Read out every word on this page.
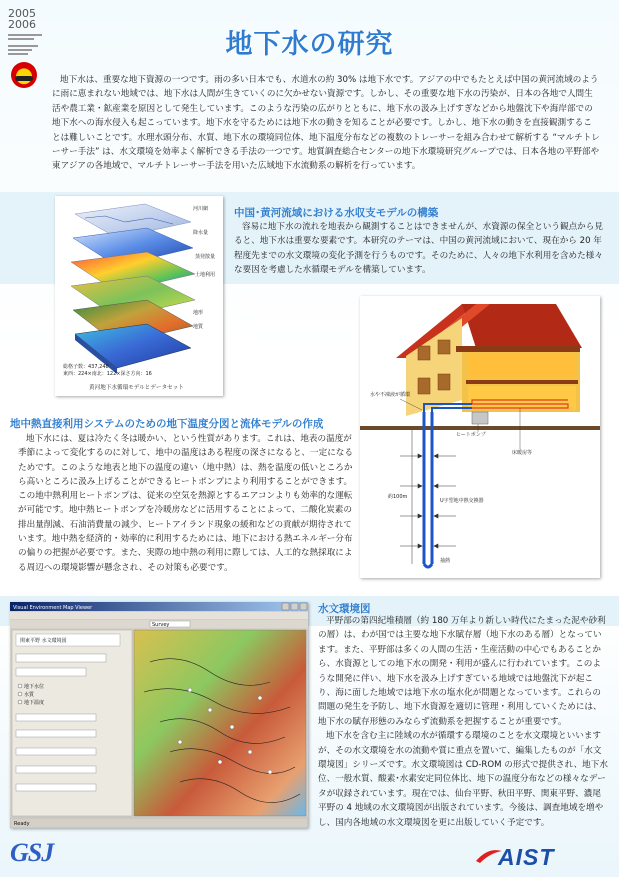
2005
2006
地下水の研究
地下水は、重要な地下資源の一つです。雨の多い日本でも、水道水の約 30% は地下水です。アジアの中でもたとえば中国の黄河流域のように雨に恵まれない地域では、地下水は人間が生きていくのに欠かせない資源です。しかし、その重要な地下水の汚染が、日本の各地で人間生活や農工業・鉱産業を原因として発生しています。このような汚染の広がりとともに、地下水の汲み上げすぎなどから地盤沈下や海岸部での地下水への海水侵入も起こっています。地下水を守るためには地下水の動きを知ることが必要です。しかし、地下水の動きを直接観測することは難しいことです。水理水頭分布、水質、地下水の環境同位体、地下温度分布などの複数のトレーサーを組み合わせて解析する “マルチトレーサー手法” は、水文環境を効率よく解析できる手法の一つです。地質調査総合センターの地下水環境研究グループでは、日本各地の平野部や東アジアの各地域で、マルチトレーサー手法を用いた広域地下水流動系の解析を行っています。
河川網
降水量
蒸発散量
土地利用
地形
地質
総格子数：437,248
東西：224×南北：122×深さ方向：16
黄河地下水循環モデルとデータセット
中国･黄河流域における水収支モデルの構築
容易に地下水の流れを地表から観測することはできませんが、水資源の保全という観点から見ると、地下水は重要な要素です。本研究のテーマは、中国の黄河流域において、現在から 20 年程度先までの水文環境の変化予測を行うものです。そのために、人々の地下水利用を含めた様々な要因を考慮した水循環モデルを構築しています。
水や不凍液が循環
ヒートポンプ
床暖房等
約100m
U字型地中熱交換器
抽熱
地中熱直接利用システムのための地下温度分図と流体モデルの作成
地下水には、夏は冷たく冬は暖かい、という性質があります。これは、地表の温度が季節によって変化するのに対して、地中の温度はある程度の深さになると、一定になるためです。このような地表と地下の温度の違い（地中熱）は、熱を温度の低いところから高いところに汲み上げることができるヒートポンプにより利用することができます。この地中熱利用ヒートポンプは、従来の空気を熱源とするエアコンよりも効率的な運転が可能です。地中熱ヒートポンプを冷暖房などに活用することによって、二酸化炭素の排出量削減、石油消費量の減少、ヒートアイランド現象の緩和などの貢献が期待されています。地中熱を経済的・効率的に利用するためには、地下における熱エネルギー分布の偏りの把握が必要です。また、実際の地中熱の利用に際しては、人工的な熱採取による周辺への環境影響が懸念され、その対策も必要です。
Visual Environment Map Viewer
Survey
関東平野 水文環境図
地下水位
水質
地下温度
Ready
水文環境図

平野部の第四紀堆積層（約 180 万年より新しい時代にたまった泥や砂利の層）は、わが国では主要な地下水賦存層（地下水のある層）となっています。また、平野部は多くの人間の生活・生産活動の中心でもあることから、水資源としての地下水の開発・利用が盛んに行われています。このような開発に伴い、地下水を汲み上げすぎている地域では地盤沈下が起こり、海に面した地域では地下水の塩水化が問題となっています。これらの問題の発生を予防し、地下水資源を適切に管理・利用していくためには、地下水の賦存形態のみならず流動系を把握することが重要です。

地下水を含む主に陸域の水が循環する環境のことを水文環境といいますが、その水文環境を水の流動や質に重点を置いて、編集したものが「水文環境図」シリーズです。水文環境図は CD-ROM の形式で提供され、地下水位、一般水質、酸素･水素安定同位体比、地下の温度分布などの様々なデータが収録されています。現在では、仙台平野、秋田平野、関東平野、濃尾平野の 4 地域の水文環境図が出版されています。今後は、調査地域を増やし、国内各地域の水文環境図を更に出版していく予定です。

GSJ	AIST
